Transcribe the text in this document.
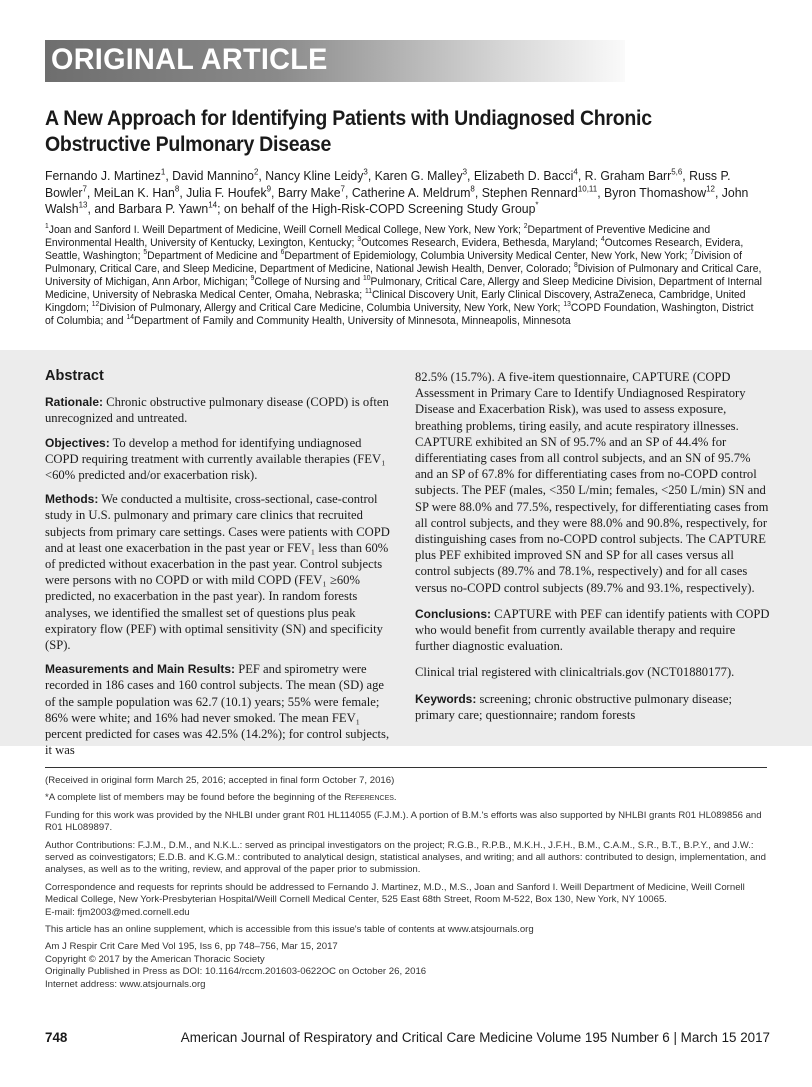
ORIGINAL ARTICLE
A New Approach for Identifying Patients with Undiagnosed Chronic Obstructive Pulmonary Disease
Fernando J. Martinez$^1$, David Mannino$^2$, Nancy Kline Leidy$^3$, Karen G. Malley$^3$, Elizabeth D. Bacci$^4$, R. Graham Barr$^{5,6}$, Russ P. Bowler$^7$, MeiLan K. Han$^8$, Julia F. Houfek$^9$, Barry Make$^7$, Catherine A. Meldrum$^8$, Stephen Rennard$^{10,11}$, Byron Thomashow$^{12}$, John Walsh$^{13}$, and Barbara P. Yawn$^{14}$; on behalf of the High-Risk-COPD Screening Study Group*
$^1$Joan and Sanford I. Weill Department of Medicine, Weill Cornell Medical College, New York, New York; $^2$Department of Preventive Medicine and Environmental Health, University of Kentucky, Lexington, Kentucky; $^3$Outcomes Research, Evidera, Bethesda, Maryland; $^4$Outcomes Research, Evidera, Seattle, Washington; $^5$Department of Medicine and $^6$Department of Epidemiology, Columbia University Medical Center, New York, New York; $^7$Division of Pulmonary, Critical Care, and Sleep Medicine, Department of Medicine, National Jewish Health, Denver, Colorado; $^8$Division of Pulmonary and Critical Care, University of Michigan, Ann Arbor, Michigan; $^9$College of Nursing and $^{10}$Pulmonary, Critical Care, Allergy and Sleep Medicine Division, Department of Internal Medicine, University of Nebraska Medical Center, Omaha, Nebraska; $^{11}$Clinical Discovery Unit, Early Clinical Discovery, AstraZeneca, Cambridge, United Kingdom; $^{12}$Division of Pulmonary, Allergy and Critical Care Medicine, Columbia University, New York, New York; $^{13}$COPD Foundation, Washington, District of Columbia; and $^{14}$Department of Family and Community Health, University of Minnesota, Minneapolis, Minnesota
Abstract

Rationale: Chronic obstructive pulmonary disease (COPD) is often unrecognized and untreated.

Objectives: To develop a method for identifying undiagnosed COPD requiring treatment with currently available therapies (FEV₁ <60% predicted and/or exacerbation risk).

Methods: We conducted a multisite, cross-sectional, case-control study in U.S. pulmonary and primary care clinics that recruited subjects from primary care settings. Cases were patients with COPD and at least one exacerbation in the past year or FEV₁ less than 60% of predicted without exacerbation in the past year. Control subjects were persons with no COPD or with mild COPD (FEV₁ ≥60% predicted, no exacerbation in the past year). In random forests analyses, we identified the smallest set of questions plus peak expiratory flow (PEF) with optimal sensitivity (SN) and specificity (SP).

Measurements and Main Results: PEF and spirometry were recorded in 186 cases and 160 control subjects. The mean (SD) age of the sample population was 62.7 (10.1) years; 55% were female; 86% were white; and 16% had never smoked. The mean FEV₁ percent predicted for cases was 42.5% (14.2%); for control subjects, it was

82.5% (15.7%). A five-item questionnaire, CAPTURE (COPD Assessment in Primary Care to Identify Undiagnosed Respiratory Disease and Exacerbation Risk), was used to assess exposure, breathing problems, tiring easily, and acute respiratory illnesses. CAPTURE exhibited an SN of 95.7% and an SP of 44.4% for differentiating cases from all control subjects, and an SN of 95.7% and an SP of 67.8% for differentiating cases from no-COPD control subjects. The PEF (males, <350 L/min; females, <250 L/min) SN and SP were 88.0% and 77.5%, respectively, for differentiating cases from all control subjects, and they were 88.0% and 90.8%, respectively, for distinguishing cases from no-COPD control subjects. The CAPTURE plus PEF exhibited improved SN and SP for all cases versus all control subjects (89.7% and 78.1%, respectively) and for all cases versus no-COPD control subjects (89.7% and 93.1%, respectively).

Conclusions: CAPTURE with PEF can identify patients with COPD who would benefit from currently available therapy and require further diagnostic evaluation.

Clinical trial registered with clinicaltrials.gov (NCT01880177).

Keywords: screening; chronic obstructive pulmonary disease; primary care; questionnaire; random forests

(Received in original form March 25, 2016; accepted in final form October 7, 2016)

*A complete list of members may be found before the beginning of the References.

Funding for this work was provided by the NHLBI under grant R01 HL114055 (F.J.M.). A portion of B.M.'s efforts was also supported by NHLBI grants R01 HL089856 and R01 HL089897.

Author Contributions: F.J.M., D.M., and N.K.L.: served as principal investigators on the project; R.G.B., R.P.B., M.K.H., J.F.H., B.M., C.A.M., S.R., B.T., B.P.Y., and J.W.: served as coinvestigators; E.D.B. and K.G.M.: contributed to analytical design, statistical analyses, and writing; and all authors: contributed to design, implementation, and analyses, as well as to the writing, review, and approval of the paper prior to submission.

Correspondence and requests for reprints should be addressed to Fernando J. Martinez, M.D., M.S., Joan and Sanford I. Weill Department of Medicine, Weill Cornell Medical College, New York-Presbyterian Hospital/Weill Cornell Medical Center, 525 East 68th Street, Room M-522, Box 130, New York, NY 10065.
E-mail: fjm2003@med.cornell.edu

This article has an online supplement, which is accessible from this issue's table of contents at www.atsjournals.org

Am J Respir Crit Care Med Vol 195, Iss 6, pp 748–756, Mar 15, 2017

Copyright © 2017 by the American Thoracic Society

Originally Published in Press as DOI: 10.1164/rccm.201603-0622OC on October 26, 2016

Internet address: www.atsjournals.org

748	American Journal of Respiratory and Critical Care Medicine Volume 195 Number 6 | March 15 2017
